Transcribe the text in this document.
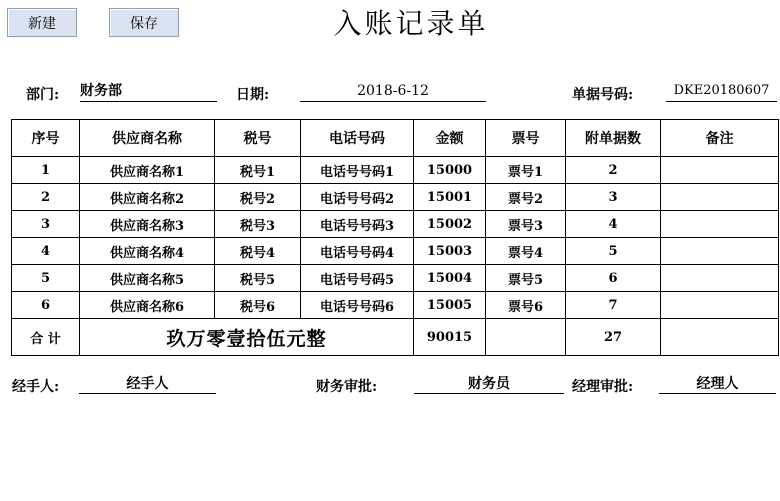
新建	保存	入账记录单
部门: 财务部	日期:	2018-6-12	单据号码:	DKE20180607
序号	供应商名称	税号	电话号码	金额	票号	附单据数	备注
1	供应商名称1	税号1	电话号号码1	15000	票号1	2	
2	供应商名称2	税号2	电话号号码2	15001	票号2	3	
3	供应商名称3	税号3	电话号号码3	15002	票号3	4	
4	供应商名称4	税号4	电话号号码4	15003	票号4	5	
5	供应商名称5	税号5	电话号号码5	15004	票号5	6	
6	供应商名称6	税号6	电话号号码6	15005	票号6	7	
合 计	玖万零壹拾伍元整			90015		27	
经手人:	经手人	财务审批:	财务员	经理审批:	经理人
